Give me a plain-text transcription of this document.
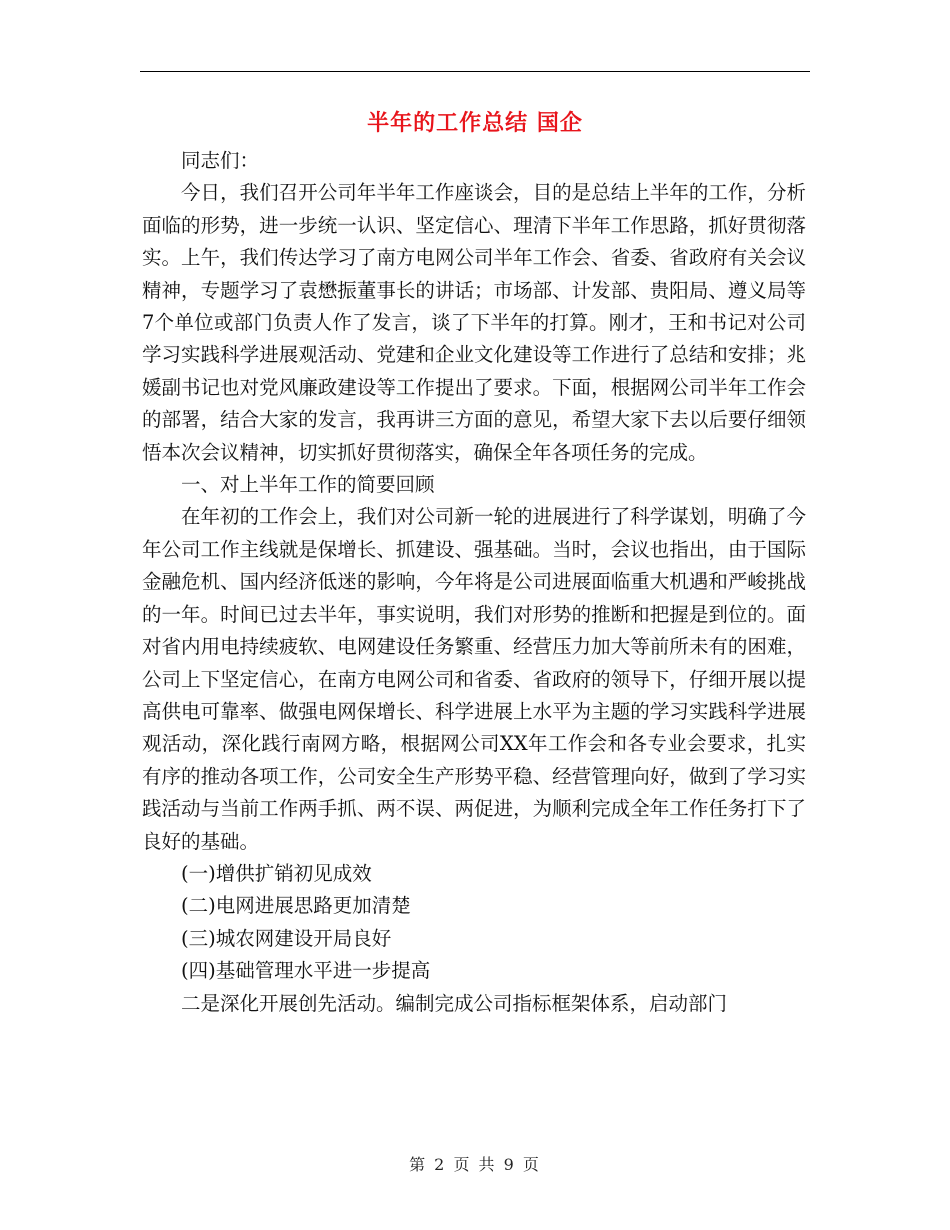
半年的工作总结 国企

同志们：

今日，我们召开公司年半年工作座谈会，目的是总结上半年的工作，分析面临的形势，进一步统一认识、坚定信心、理清下半年工作思路，抓好贯彻落实。上午，我们传达学习了南方电网公司半年工作会、省委、省政府有关会议精神，专题学习了袁懋振董事长的讲话；市场部、计发部、贵阳局、遵义局等7个单位或部门负责人作了发言，谈了下半年的打算。刚才，王和书记对公司学习实践科学进展观活动、党建和企业文化建设等工作进行了总结和安排；兆媛副书记也对党风廉政建设等工作提出了要求。下面，根据网公司半年工作会的部署，结合大家的发言，我再讲三方面的意见，希望大家下去以后要仔细领悟本次会议精神，切实抓好贯彻落实，确保全年各项任务的完成。

一、对上半年工作的简要回顾

在年初的工作会上，我们对公司新一轮的进展进行了科学谋划，明确了今年公司工作主线就是保增长、抓建设、强基础。当时，会议也指出，由于国际金融危机、国内经济低迷的影响，今年将是公司进展面临重大机遇和严峻挑战的一年。时间已过去半年，事实说明，我们对形势的推断和把握是到位的。面对省内用电持续疲软、电网建设任务繁重、经营压力加大等前所未有的困难，公司上下坚定信心，在南方电网公司和省委、省政府的领导下，仔细开展以提高供电可靠率、做强电网保增长、科学进展上水平为主题的学习实践科学进展观活动，深化践行南网方略，根据网公司XX年工作会和各专业会要求，扎实有序的推动各项工作，公司安全生产形势平稳、经营管理向好，做到了学习实践活动与当前工作两手抓、两不误、两促进，为顺利完成全年工作任务打下了良好的基础。

(一)增供扩销初见成效

(二)电网进展思路更加清楚

(三)城农网建设开局良好

(四)基础管理水平进一步提高

二是深化开展创先活动。编制完成公司指标框架体系，启动部门

第 2 页 共 9 页
